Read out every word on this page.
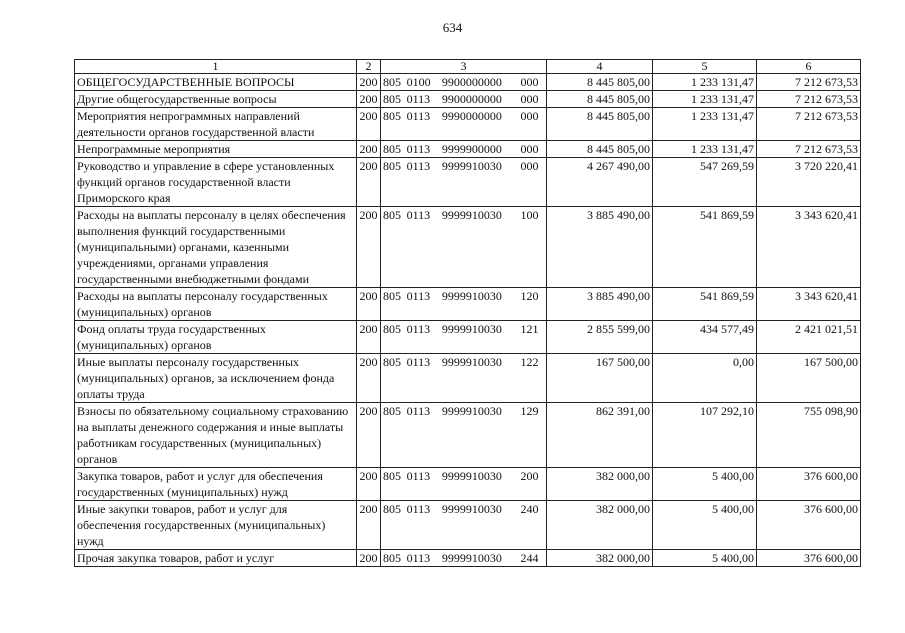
634
1	2	3	4	5	6
ОБЩЕГОСУДАРСТВЕННЫЕ ВОПРОСЫ	200	805 0100 9900000000 000	8 445 805,00	1 233 131,47	7 212 673,53
Другие общегосударственные вопросы	200	805 0113 9900000000 000	8 445 805,00	1 233 131,47	7 212 673,53
Мероприятия непрограммных направлений деятельности органов государственной власти	200	805 0113 9990000000 000	8 445 805,00	1 233 131,47	7 212 673,53
Непрограммные мероприятия	200	805 0113 9999900000 000	8 445 805,00	1 233 131,47	7 212 673,53
Руководство и управление в сфере установленных функций органов государственной власти Приморского края	200	805 0113 9999910030 000	4 267 490,00	547 269,59	3 720 220,41
Расходы на выплаты персоналу в целях обеспечения выполнения функций государственными (муниципальными) органами, казенными учреждениями, органами управления государственными внебюджетными фондами	200	805 0113 9999910030 100	3 885 490,00	541 869,59	3 343 620,41
Расходы на выплаты персоналу государственных (муниципальных) органов	200	805 0113 9999910030 120	3 885 490,00	541 869,59	3 343 620,41
Фонд оплаты труда государственных (муниципальных) органов	200	805 0113 9999910030 121	2 855 599,00	434 577,49	2 421 021,51
Иные выплаты персоналу государственных (муниципальных) органов, за исключением фонда оплаты труда	200	805 0113 9999910030 122	167 500,00	0,00	167 500,00
Взносы по обязательному социальному страхованию на выплаты денежного содержания и иные выплаты работникам государственных (муниципальных) органов	200	805 0113 9999910030 129	862 391,00	107 292,10	755 098,90
Закупка товаров, работ и услуг для обеспечения государственных (муниципальных) нужд	200	805 0113 9999910030 200	382 000,00	5 400,00	376 600,00
Иные закупки товаров, работ и услуг для обеспечения государственных (муниципальных) нужд	200	805 0113 9999910030 240	382 000,00	5 400,00	376 600,00
Прочая закупка товаров, работ и услуг	200	805 0113 9999910030 244	382 000,00	5 400,00	376 600,00
